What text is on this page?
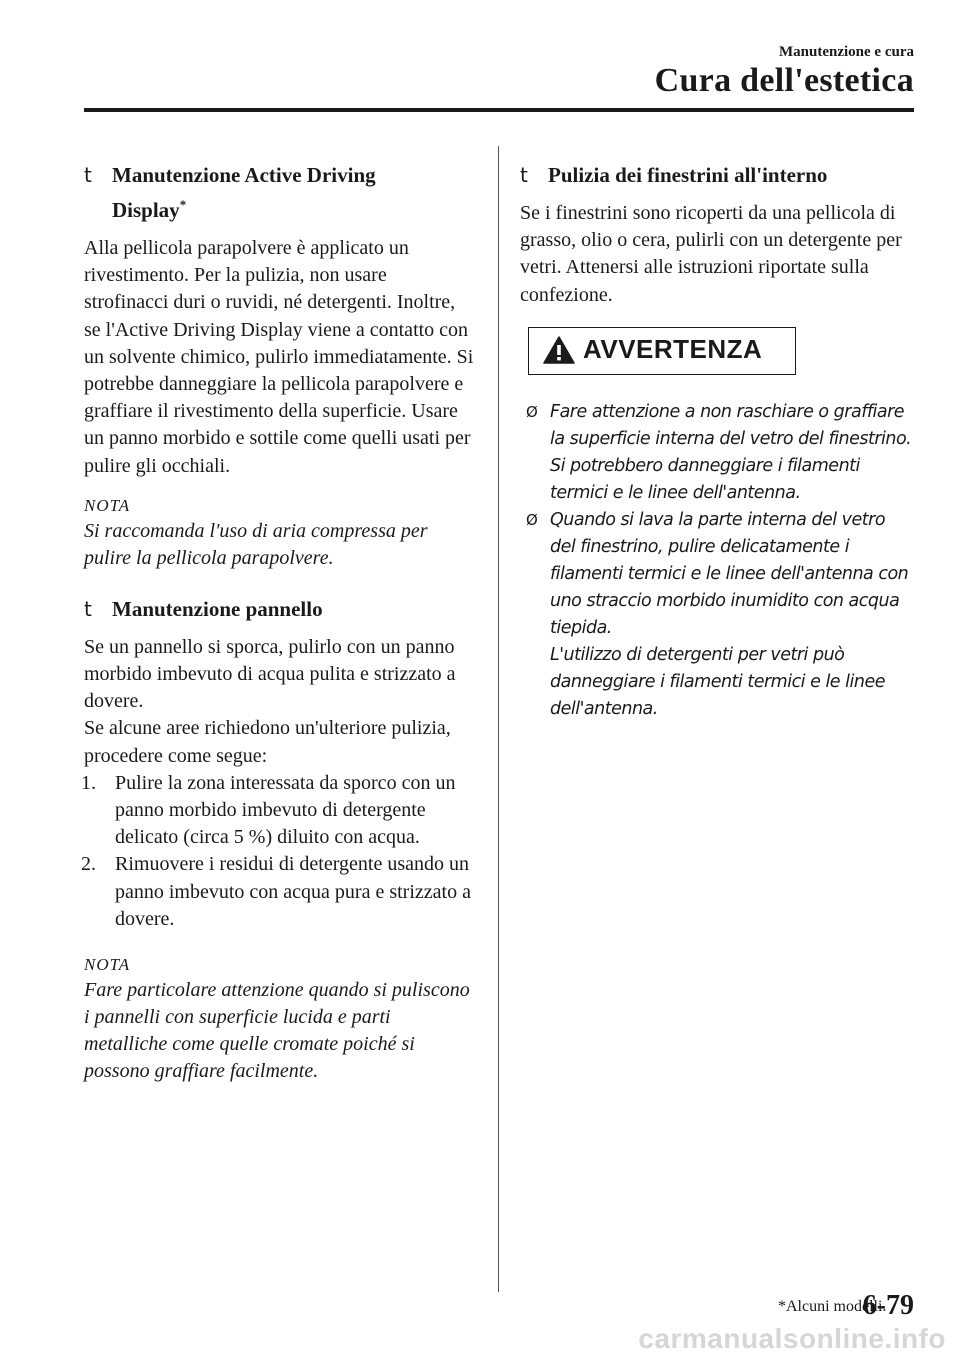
Manutenzione e cura
Cura dell'estetica
t Manutenzione Active Driving
Display*

Alla pellicola parapolvere è applicato un rivestimento. Per la pulizia, non usare strofinacci duri o ruvidi, né detergenti. Inoltre, se l'Active Driving Display viene a contatto con un solvente chimico, pulirlo immediatamente. Si potrebbe danneggiare la pellicola parapolvere e graffiare il rivestimento della superficie. Usare un panno morbido e sottile come quelli usati per pulire gli occhiali.

NOTA

Si raccomanda l'uso di aria compressa per pulire la pellicola parapolvere.

t Manutenzione pannello

Se un pannello si sporca, pulirlo con un panno morbido imbevuto di acqua pulita e strizzato a dovere.

Se alcune aree richiedono un'ulteriore pulizia, procedere come segue:

1. Pulire la zona interessata da sporco con un panno morbido imbevuto di detergente delicato (circa 5 %) diluito con acqua.
2. Rimuovere i residui di detergente usando un panno imbevuto con acqua pura e strizzato a dovere.
NOTA

Fare particolare attenzione quando si puliscono i pannelli con superficie lucida e parti metalliche come quelle cromate poiché si possono graffiare facilmente.

t Pulizia dei finestrini all'interno

Se i finestrini sono ricoperti da una pellicola di grasso, olio o cera, pulirli con un detergente per vetri. Attenersi alle istruzioni riportate sulla confezione.

AVVERTENZA
Ø Fare attenzione a non raschiare o graffiare la superficie interna del vetro del finestrino. Si potrebbero danneggiare i filamenti termici e le linee dell'antenna.
Ø Quando si lava la parte interna del vetro del finestrino, pulire delicatamente i filamenti termici e le linee dell'antenna con uno straccio morbido inumidito con acqua tiepida.
L'utilizzo di detergenti per vetri può danneggiare i filamenti termici e le linee dell'antenna.
*Alcuni modelli.
6-79
carmanualsonline.info
